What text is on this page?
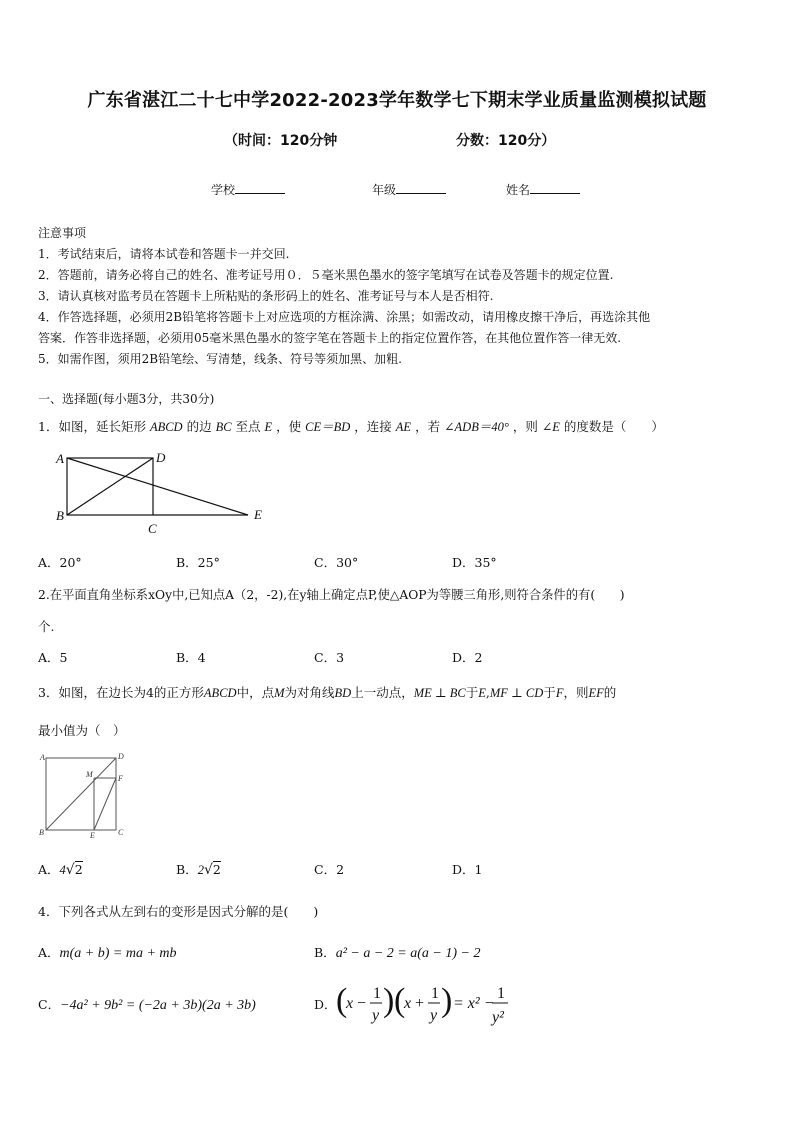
广东省湛江二十七中学2022-2023学年数学七下期末学业质量监测模拟试题
（时间：120分钟	分数：120分）
学校	年级	姓名
注意事项
1．考试结束后，请将本试卷和答题卡一并交回.
2．答题前，请务必将自己的姓名、准考证号用０．５毫米黑色墨水的签字笔填写在试卷及答题卡的规定位置.
3．请认真核对监考员在答题卡上所粘贴的条形码上的姓名、准考证号与本人是否相符.
4．作答选择题，必须用2B铅笔将答题卡上对应选项的方框涂满、涂黑；如需改动，请用橡皮擦干净后，再选涂其他
答案．作答非选择题，必须用05毫米黑色墨水的签字笔在答题卡上的指定位置作答，在其他位置作答一律无效.
5．如需作图，须用2B铅笔绘、写清楚，线条、符号等须加黑、加粗.
一、选择题(每小题3分，共30分)
1．如图，延长矩形 ABCD 的边 BC 至点 E ，使 CE＝BD ，连接 AE ，若 ∠ADB＝40° ，则 ∠E 的度数是（　　）
A	D
B
C
E
A．20°	B．25°	C．30°	D．35°
2.在平面直角坐标系xOy中,已知点A（2，-2),在y轴上确定点P,使△AOP为等腰三角形,则符合条件的有(　　)
个.
A．5	B．4	C．3	D．2
3．如图，在边长为4的正方形ABCD中，点M为对角线BD上一动点，ME ⊥ BC于E,MF ⊥ CD于F，则EF的
最小值为（　）
A	D
M	F
B	E	C
A．4√2	B．2√2	C．2	D．1
4．下列各式从左到右的变形是因式分解的是(　　)
A．m(a + b) = ma + mb	B．a² − a − 2 = a(a − 1) − 2
C．−4a² + 9b² = (−2a + 3b)(2a + 3b)	D． (
x −
1
y ) (
x +
1
y ) = x² −
1
y²
